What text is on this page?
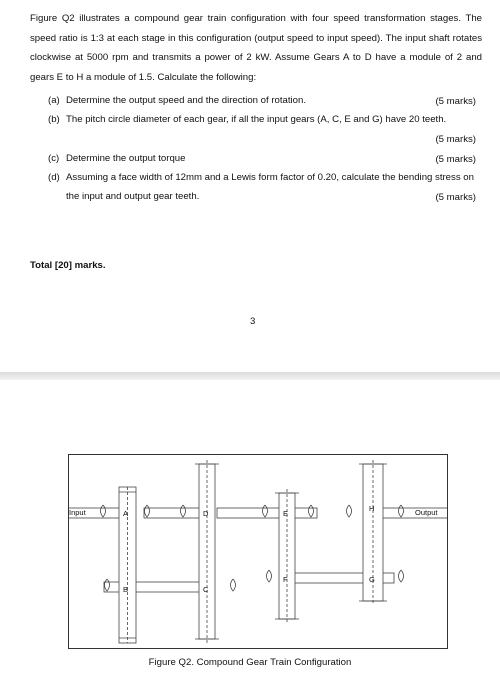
Figure Q2 illustrates a compound gear train configuration with four speed transformation stages. The speed ratio is 1:3 at each stage in this configuration (output speed to input speed). The input shaft rotates clockwise at 5000 rpm and transmits a power of 2 kW. Assume Gears A to D have a module of 2 and gears E to H a module of 1.5. Calculate the following:
(a) Determine the output speed and the direction of rotation.	(5 marks)
(b) The pitch circle diameter of each gear, if all the input gears (A, C, E and G) have 20 teeth.
(5 marks)
(c) Determine the output torque	(5 marks)
(d) Assuming a face width of 12mm and a Lewis form factor of 0.20, calculate the bending stress on the input and output gear teeth.	(5 marks)
Total [20] marks.
3
Input	Output
A
B	C
D	E
F	G
H
Figure Q2. Compound Gear Train Configuration
